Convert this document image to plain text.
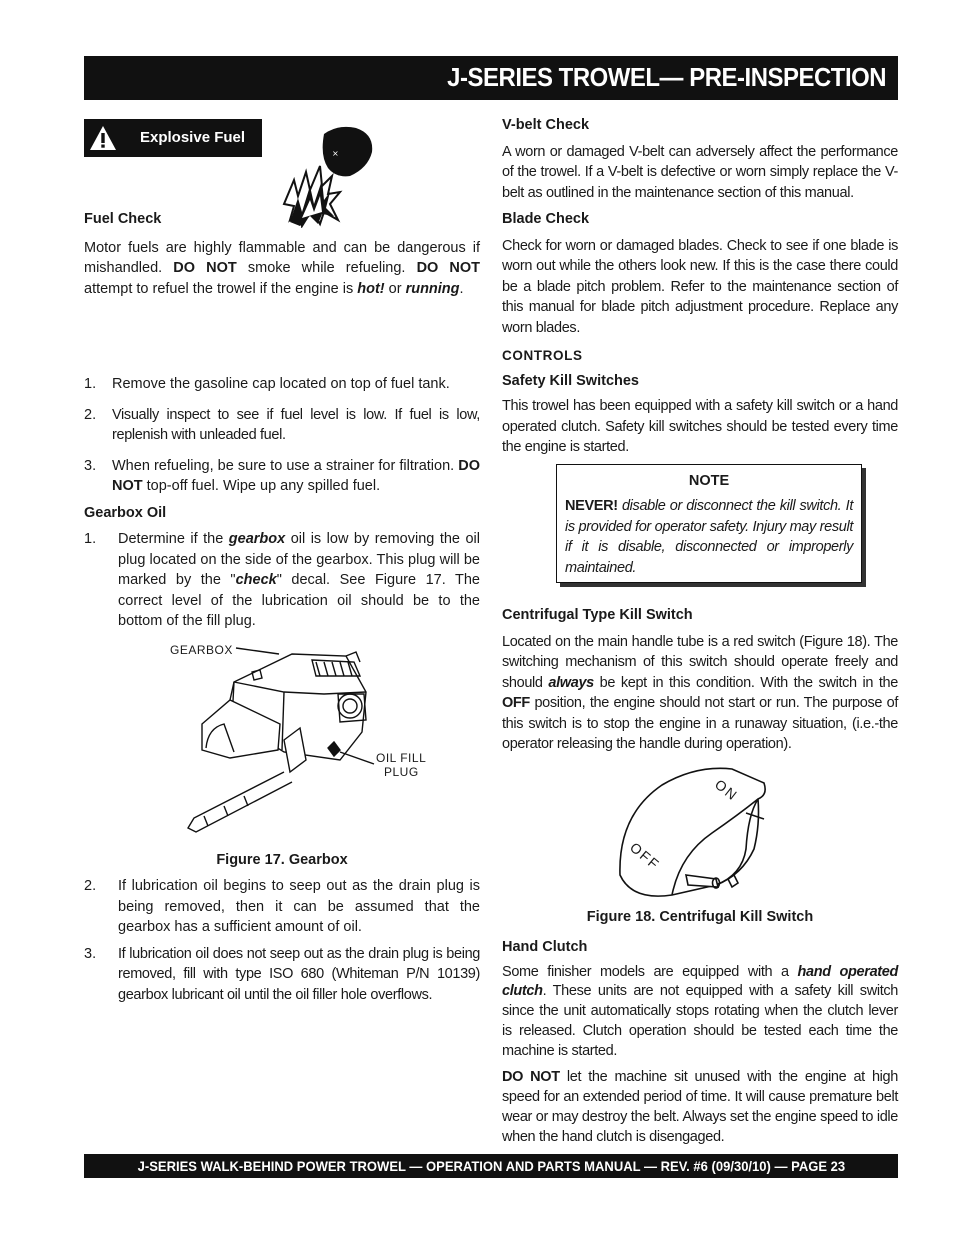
J-SERIES TROWEL— PRE-INSPECTION
Explosive Fuel
×
Fuel Check

Motor fuels are highly flammable and can be dangerous if mishandled. DO NOT smoke while refueling. DO NOT attempt to refuel the trowel if the engine is hot! or running.

1.	Remove the gasoline cap located on top of fuel tank.
2.	Visually inspect to see if fuel level is low. If fuel is low, replenish with unleaded fuel.
3.	When refueling, be sure to use a strainer for filtration. DO NOT top-off fuel. Wipe up any spilled fuel.
Gearbox Oil
1.	Determine if the gearbox oil is low by removing the oil plug located on the side of the gearbox. This plug will be marked by the "check" decal. See Figure 17. The correct level of the lubrication oil should be to the bottom of the fill plug.
GEARBOX
OIL FILL
PLUG
Figure 17. Gearbox
2.	If lubrication oil begins to seep out as the drain plug is being removed, then it can be assumed that the gearbox has a sufficient amount of oil.
3.	If lubrication oil does not seep out as the drain plug is being removed, fill with type ISO 680 (Whiteman P/N 10139) gearbox lubricant oil until the oil filler hole overflows.
V-belt Check

A worn or damaged V-belt can adversely affect the performance of the trowel. If a V-belt is defective or worn simply replace the V-belt as outlined in the maintenance section of this manual.

Blade Check

Check for worn or damaged blades. Check to see if one blade is worn out while the others look new. If this is the case there could be a blade pitch problem. Refer to the maintenance section of this manual for blade pitch adjustment procedure. Replace any worn blades.

CONTROLS
Safety Kill Switches

This trowel has been equipped with a safety kill switch or a hand operated clutch. Safety kill switches should be tested every time the engine is started.

NOTE

NEVER! disable or disconnect the kill switch. It is provided for operator safety. Injury may result if it is disable, disconnected or improperly maintained.

Centrifugal Type Kill Switch

Located on the main handle tube is a red switch (Figure 18). The switching mechanism of this switch should operate freely and should always be kept in this condition. With the switch in the OFF position, the engine should not start or run. The purpose of this switch is to stop the engine in a runaway situation, (i.e.-the operator releasing the handle during operation).

ON
OFF
Figure 18. Centrifugal Kill Switch
Hand Clutch

Some finisher models are equipped with a hand operated clutch. These units are not equipped with a safety kill switch since the unit automatically stops rotating when the clutch lever is released. Clutch operation should be tested each time the machine is started.

DO NOT let the machine sit unused with the engine at high speed for an extended period of time. It will cause premature belt wear or may destroy the belt. Always set the engine speed to idle when the hand clutch is disengaged.

J-SERIES WALK-BEHIND POWER TROWEL — OPERATION AND PARTS MANUAL — REV. #6 (09/30/10) — PAGE 23
